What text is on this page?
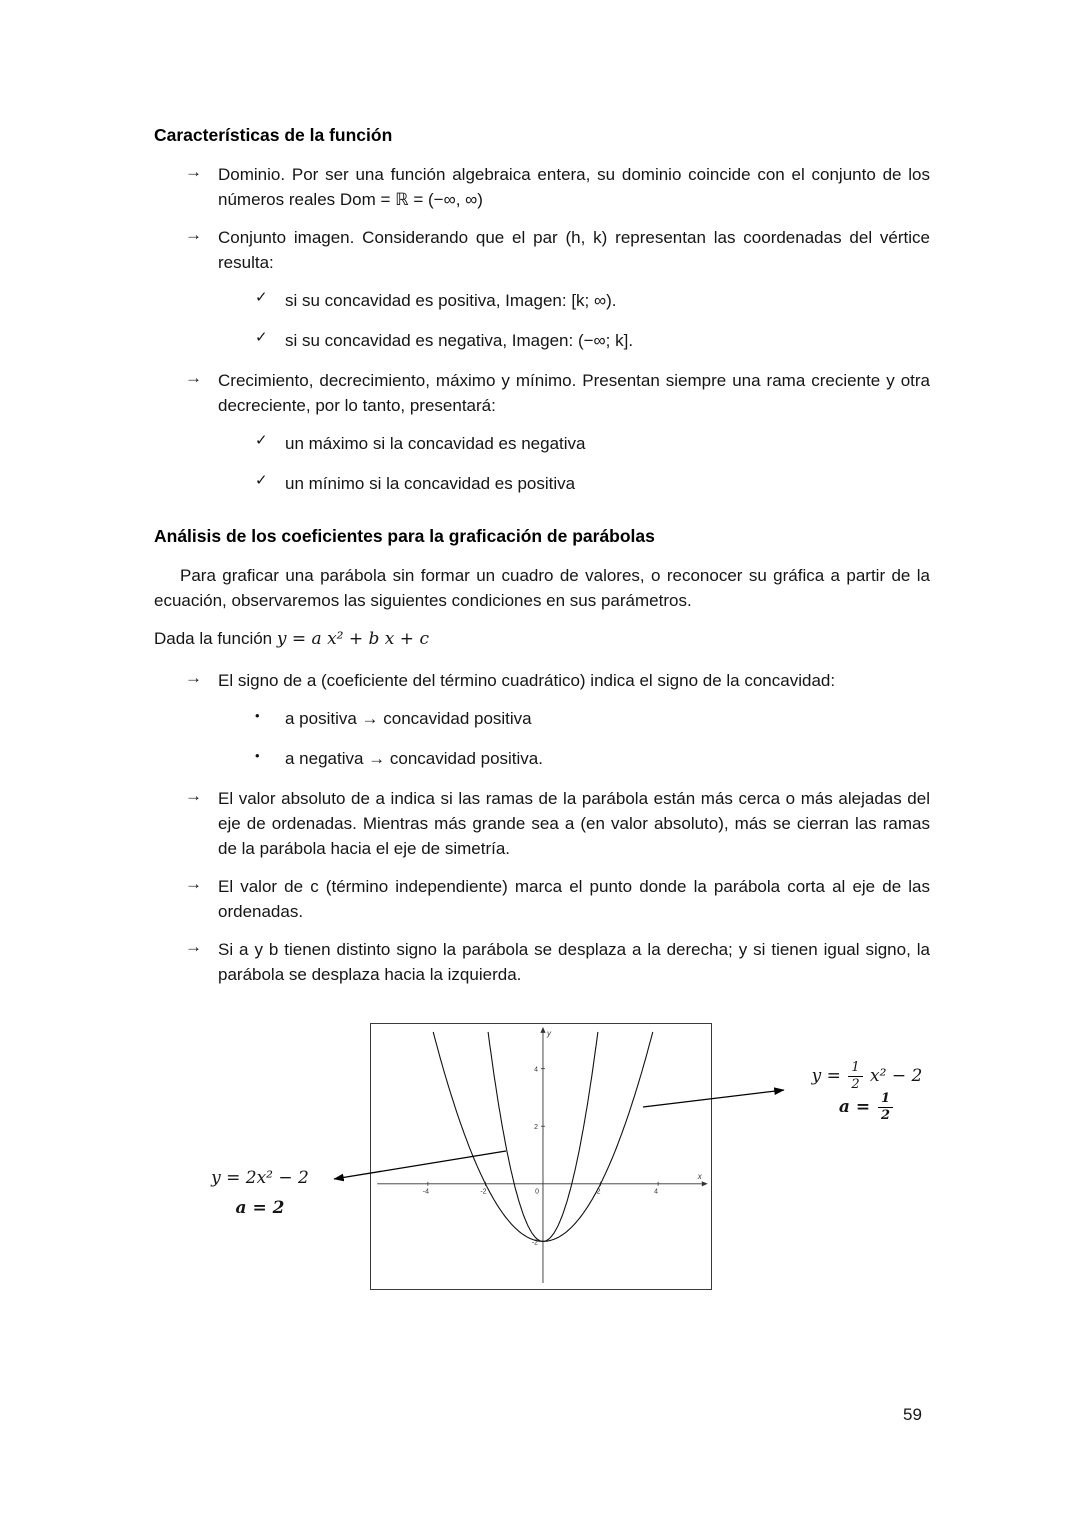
Características de la función
→ Dominio. Por ser una función algebraica entera, su dominio coincide con el conjunto de los números reales Dom = ℝ = (−∞, ∞)
→ Conjunto imagen. Considerando que el par (h, k) representan las coordenadas del vértice resulta:
✓	si su concavidad es positiva, Imagen: [k; ∞).
✓	si su concavidad es negativa, Imagen: (−∞; k].
→ Crecimiento, decrecimiento, máximo y mínimo. Presentan siempre una rama creciente y otra decreciente, por lo tanto, presentará:
✓	un máximo si la concavidad es negativa
✓	un mínimo si la concavidad es positiva
Análisis de los coeficientes para la graficación de parábolas
Para graficar una parábola sin formar un cuadro de valores, o reconocer su gráfica a partir de la ecuación, observaremos las siguientes condiciones en sus parámetros.
Dada la función y = a x² + b x + c
→ El signo de a (coeficiente del término cuadrático) indica el signo de la concavidad:
•	a positiva → concavidad positiva
•	a negativa → concavidad positiva.
→ El valor absoluto de a indica si las ramas de la parábola están más cerca o más alejadas del eje de ordenadas. Mientras más grande sea a (en valor absoluto), más se cierran las ramas de la parábola hacia el eje de simetría.
→ El valor de c (término independiente) marca el punto donde la parábola corta al eje de las ordenadas.
→ Si a y b tienen distinto signo la parábola se desplaza a la derecha; y si tienen igual signo, la parábola se desplaza hacia la izquierda.
x
y
0
-4	-2	2	4
2
4
-2
y = 2x² − 2
a = 2
$y = \frac{1}{2} x^2 - 2$
$a = \frac{1}{2}$
59
